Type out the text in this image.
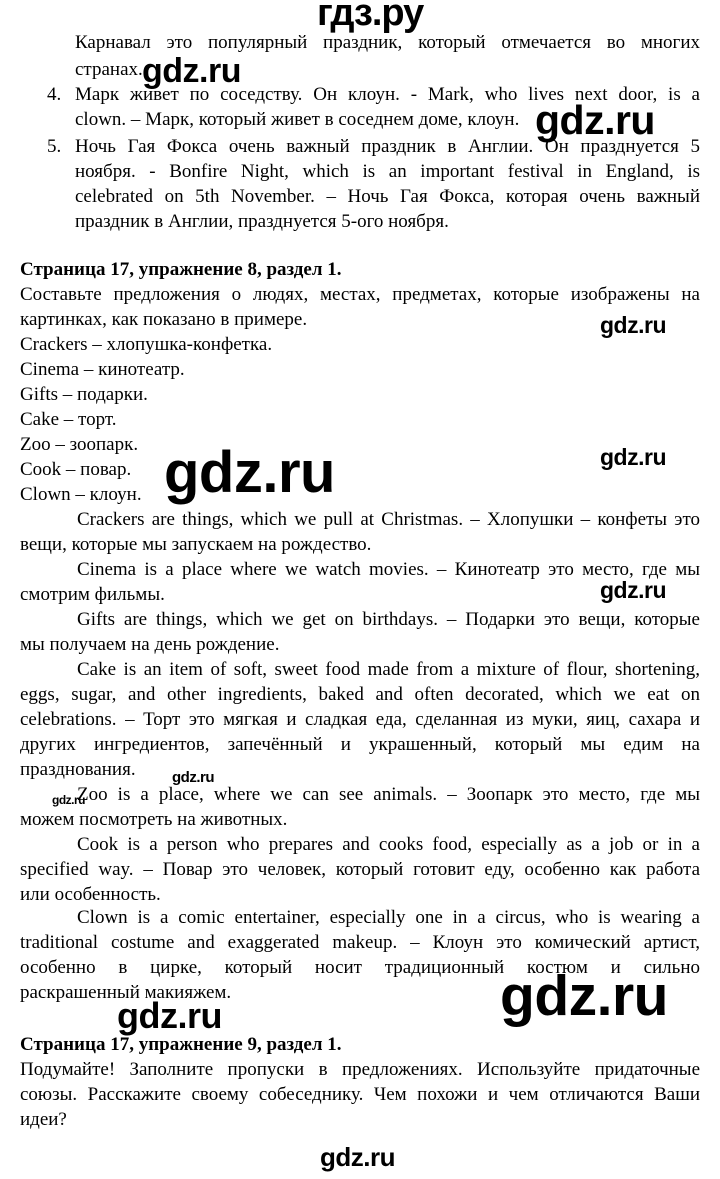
гдз.ру
Карнавал это популярный праздник, который отмечается во многих
странах.
4. Марк живет по соседству. Он клоун. - Mark, who lives next door, is a
clown. – Марк, который живет в соседнем доме, клоун.
5. Ночь Гая Фокса очень важный праздник в Англии. Он празднуется 5
ноября. - Bonfire Night, which is an important festival in England, is
celebrated on 5th November. – Ночь Гая Фокса, которая очень важный
праздник в Англии, празднуется 5-ого ноября.
Страница 17, упражнение 8, раздел 1.
Составьте предложения о людях, местах, предметах, которые изображены на
картинках, как показано в примере.
Crackers – хлопушка-конфетка.
Cinema – кинотеатр.
Gifts – подарки.
Cake – торт.
Zoo – зоопарк.
Cook – повар.
Clown – клоун.
Crackers are things, which we pull at Christmas. – Хлопушки – конфеты это
вещи, которые мы запускаем на рождество.
Cinema is a place where we watch movies. – Кинотеатр это место, где мы
смотрим фильмы.
Gifts are things, which we get on birthdays. – Подарки это вещи, которые
мы получаем на день рождение.
Cake is an item of soft, sweet food made from a mixture of flour, shortening,
eggs, sugar, and other ingredients, baked and often decorated, which we eat on
celebrations. – Торт это мягкая и сладкая еда, сделанная из муки, яиц, сахара и
других ингредиентов, запечённый и украшенный, который мы едим на
празднования.
Zoo is a place, where we can see animals. – Зоопарк это место, где мы
можем посмотреть на животных.
Cook is a person who prepares and cooks food, especially as a job or in a
specified way. – Повар это человек, который готовит еду, особенно как работа
или особенность.
Clown is a comic entertainer, especially one in a circus, who is wearing a
traditional costume and exaggerated makeup. – Клоун это комический артист,
особенно в цирке, который носит традиционный костюм и сильно
раскрашенный макияжем.
Страница 17, упражнение 9, раздел 1.
Подумайте! Заполните пропуски в предложениях. Используйте придаточные
союзы. Расскажите своему собеседнику. Чем похожи и чем отличаются Ваши
идеи?
gdz.ru
gdz.ru
gdz.ru
gdz.ru
gdz.ru
gdz.ru
gdz.ru
gdz.ru
gdz.ru	gdz.ru
gdz.ru
